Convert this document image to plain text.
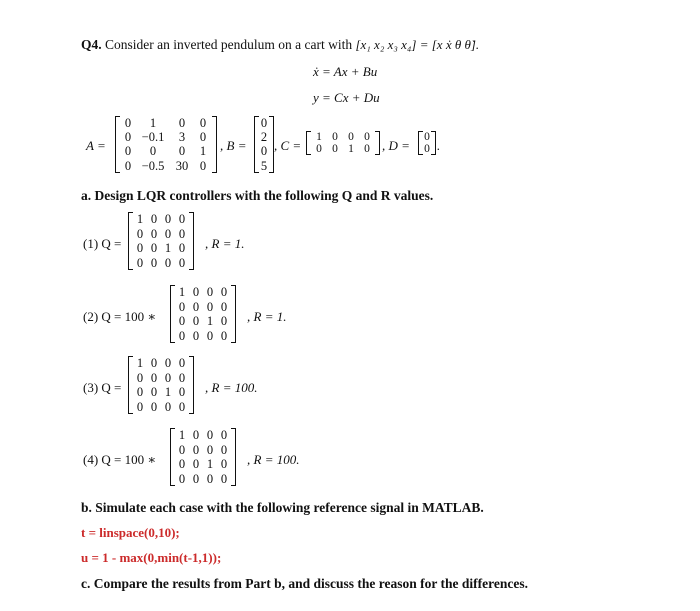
Q4. Consider an inverted pendulum on a cart with [x₁ x₂ x₃ x₄] = [x ẋ θ θ̇].
ẋ = Ax + Bu
y = Cx + Du
A =
0	1	0	0
0 −0.1	3	0
0	0	0	1
0 −0.5 30 0
, B =
0
2
0
5
, C =
1 0 0 0
0 0 1 0 , D =
0
0 .
a. Design LQR controllers with the following Q and R values.
(1) Q =
1 0 0 0
0 0 0 0
0 0 1 0
0 0 0 0
, R = 1.
(2) Q = 100 ∗
1 0 0 0
0 0 0 0
0 0 1 0
0 0 0 0
, R = 1.
(3) Q =
1 0 0 0
0 0 0 0
0 0 1 0
0 0 0 0
, R = 100.
(4) Q = 100 ∗
1 0 0 0
0 0 0 0
0 0 1 0
0 0 0 0
, R = 100.
b. Simulate each case with the following reference signal in MATLAB.
t = linspace(0,10);
u = 1 - max(0,min(t-1,1));
c. Compare the results from Part b, and discuss the reason for the differences.
